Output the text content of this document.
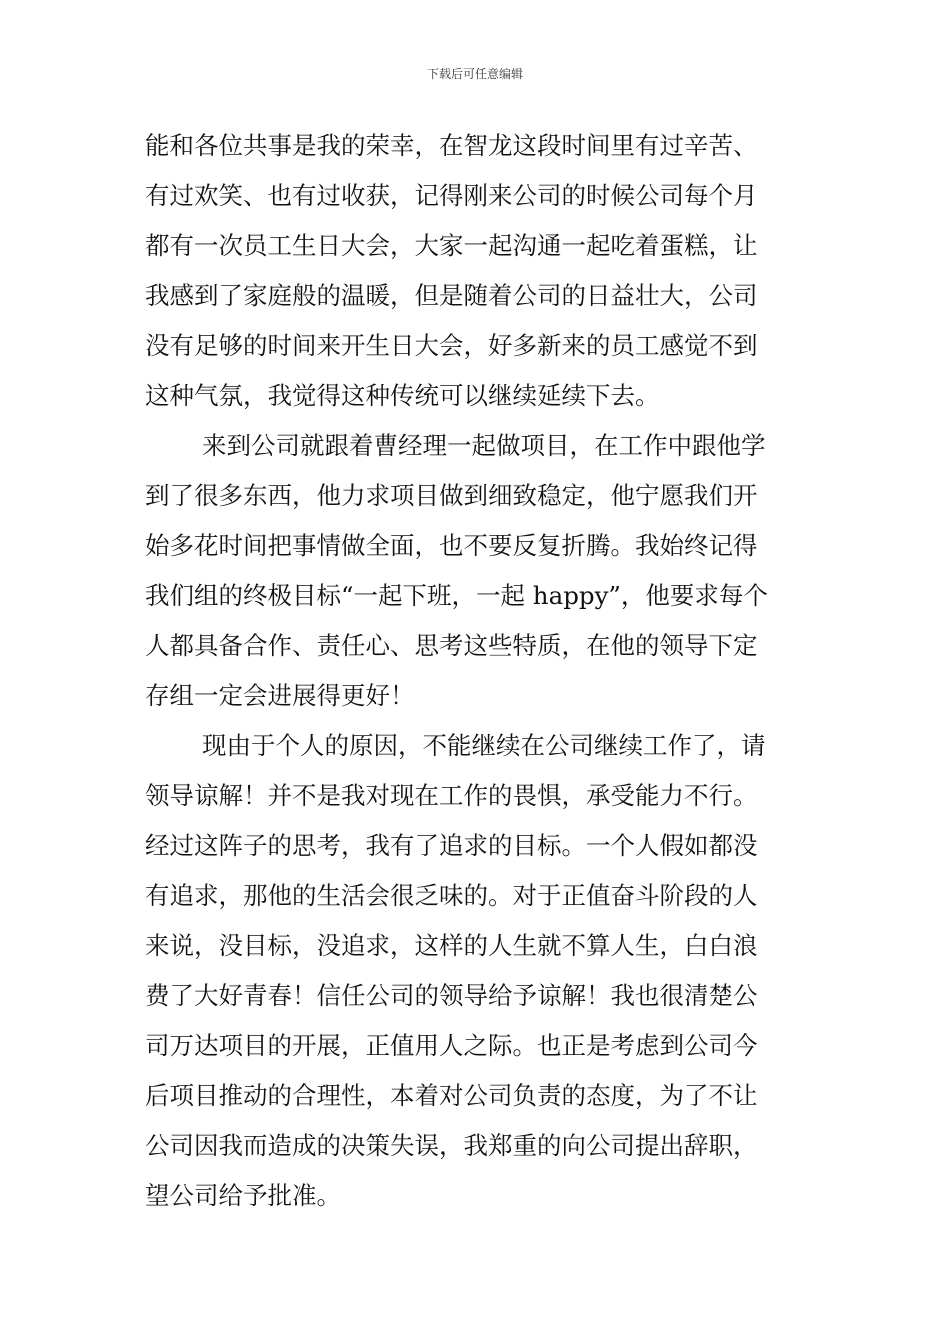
下载后可任意编辑
能和各位共事是我的荣幸，在智龙这段时间里有过辛苦、
有过欢笑、也有过收获，记得刚来公司的时候公司每个月
都有一次员工生日大会，大家一起沟通一起吃着蛋糕，让
我感到了家庭般的温暖，但是随着公司的日益壮大，公司
没有足够的时间来开生日大会，好多新来的员工感觉不到
这种气氛，我觉得这种传统可以继续延续下去。
来到公司就跟着曹经理一起做项目，在工作中跟他学
到了很多东西，他力求项目做到细致稳定，他宁愿我们开
始多花时间把事情做全面，也不要反复折腾。我始终记得
我们组的终极目标“一起下班，一起 happy”，他要求每个
人都具备合作、责任心、思考这些特质，在他的领导下定
存组一定会进展得更好！
现由于个人的原因，不能继续在公司继续工作了，请
领导谅解！并不是我对现在工作的畏惧，承受能力不行。
经过这阵子的思考，我有了追求的目标。一个人假如都没
有追求，那他的生活会很乏味的。对于正值奋斗阶段的人
来说，没目标，没追求，这样的人生就不算人生，白白浪
费了大好青春！信任公司的领导给予谅解！我也很清楚公
司万达项目的开展，正值用人之际。也正是考虑到公司今
后项目推动的合理性，本着对公司负责的态度，为了不让
公司因我而造成的决策失误，我郑重的向公司提出辞职，
望公司给予批准。
